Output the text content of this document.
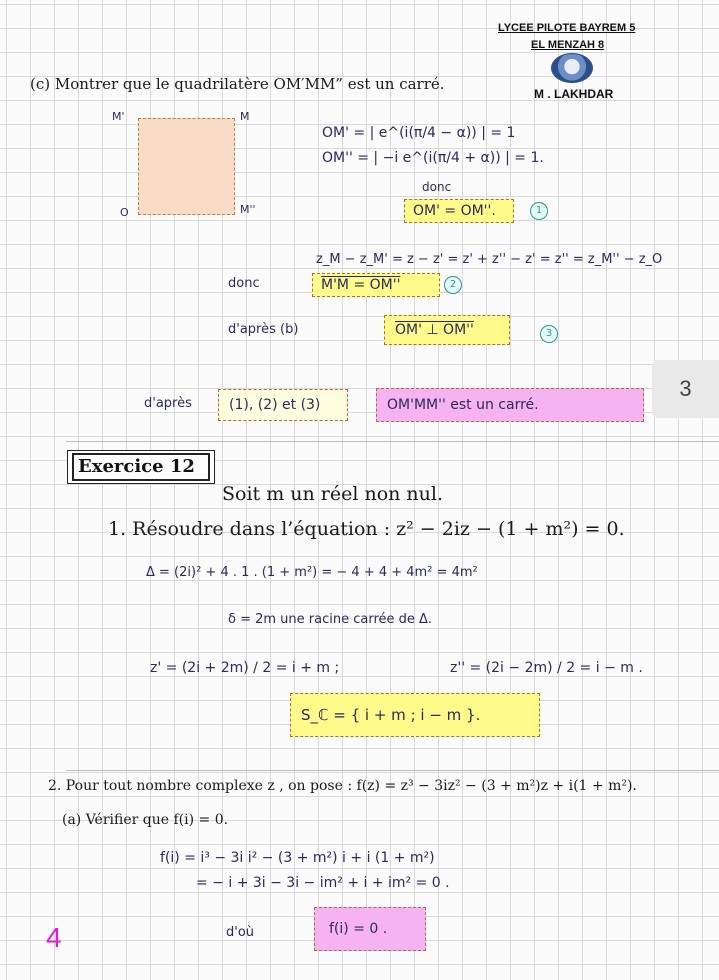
LYCEE PILOTE BAYREM 5
EL MENZAH 8
M . LAKHDAR
(c) Montrer que le quadrilatère OM′MM” est un carré.
M'	M
O	M''
OM' = | e^(i(π/4 − α)) | = 1
OM'' = | −i e^(i(π/4 + α)) | = 1.
donc
OM' = OM''.	1
z_M − z_M' = z − z' = z' + z'' − z' = z'' = z_M'' − z_O
donc	M'M = OM''	2
d'après (b)	OM' ⊥ OM''	3
d'après	(1), (2) et (3)	OM'MM'' est un carré.
3
Exercice 12
Soit m un réel non nul.
1. Résoudre dans l’équation : z² − 2iz − (1 + m²) = 0.
Δ = (2i)² + 4 . 1 . (1 + m²) = − 4 + 4 + 4m² = 4m²
δ = 2m une racine carrée de Δ.
z' = (2i + 2m) / 2 = i + m ;	z'' = (2i − 2m) / 2 = i − m .
S_ℂ = { i + m ; i − m }.
2. Pour tout nombre complexe z , on pose : f(z) = z³ − 3iz² − (3 + m²)z + i(1 + m²).
(a) Vérifier que f(i) = 0.
f(i) = i³ − 3i i² − (3 + m²) i + i (1 + m²)
= − i + 3i − 3i − im² + i + im² = 0 .
d'où	f(i) = 0 .
4
